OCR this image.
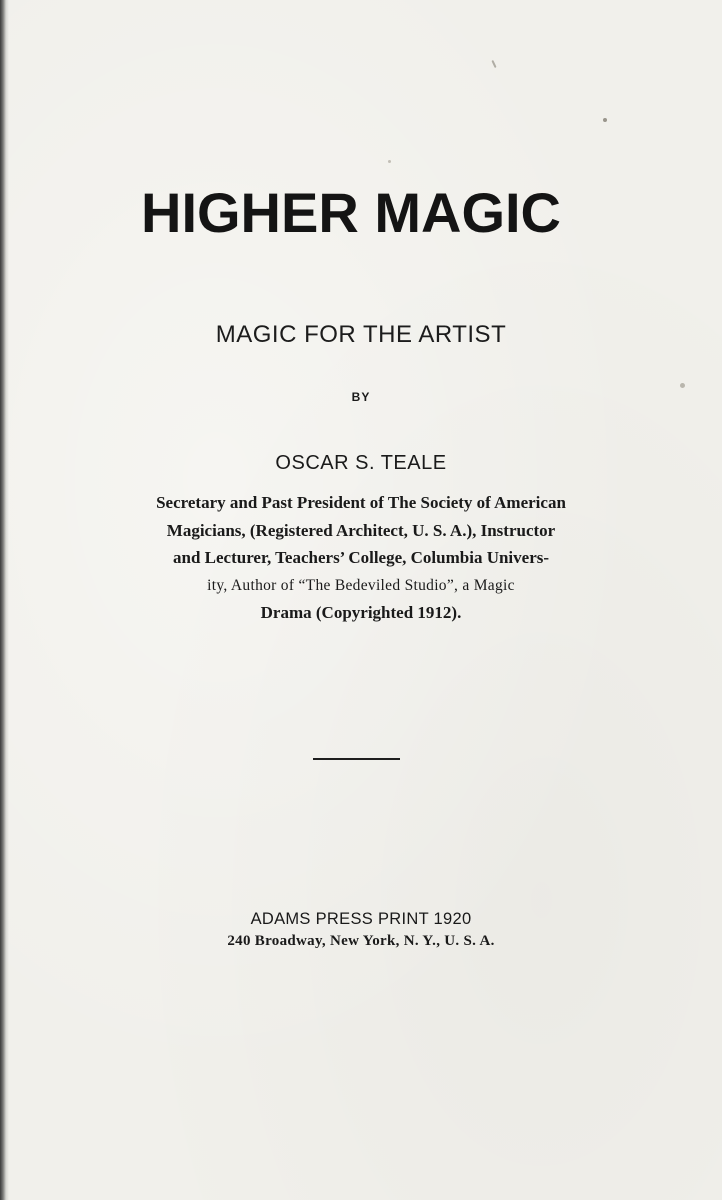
HIGHER MAGIC
MAGIC FOR THE ARTIST
BY
OSCAR S. TEALE
Secretary and Past President of The Society of American
Magicians, (Registered Architect, U. S. A.), Instructor
and Lecturer, Teachers’ College, Columbia Univers-
ity, Author of “The Bedeviled Studio”, a Magic
Drama (Copyrighted 1912).
ADAMS PRESS PRINT 1920
240 Broadway, New York, N. Y., U. S. A.
